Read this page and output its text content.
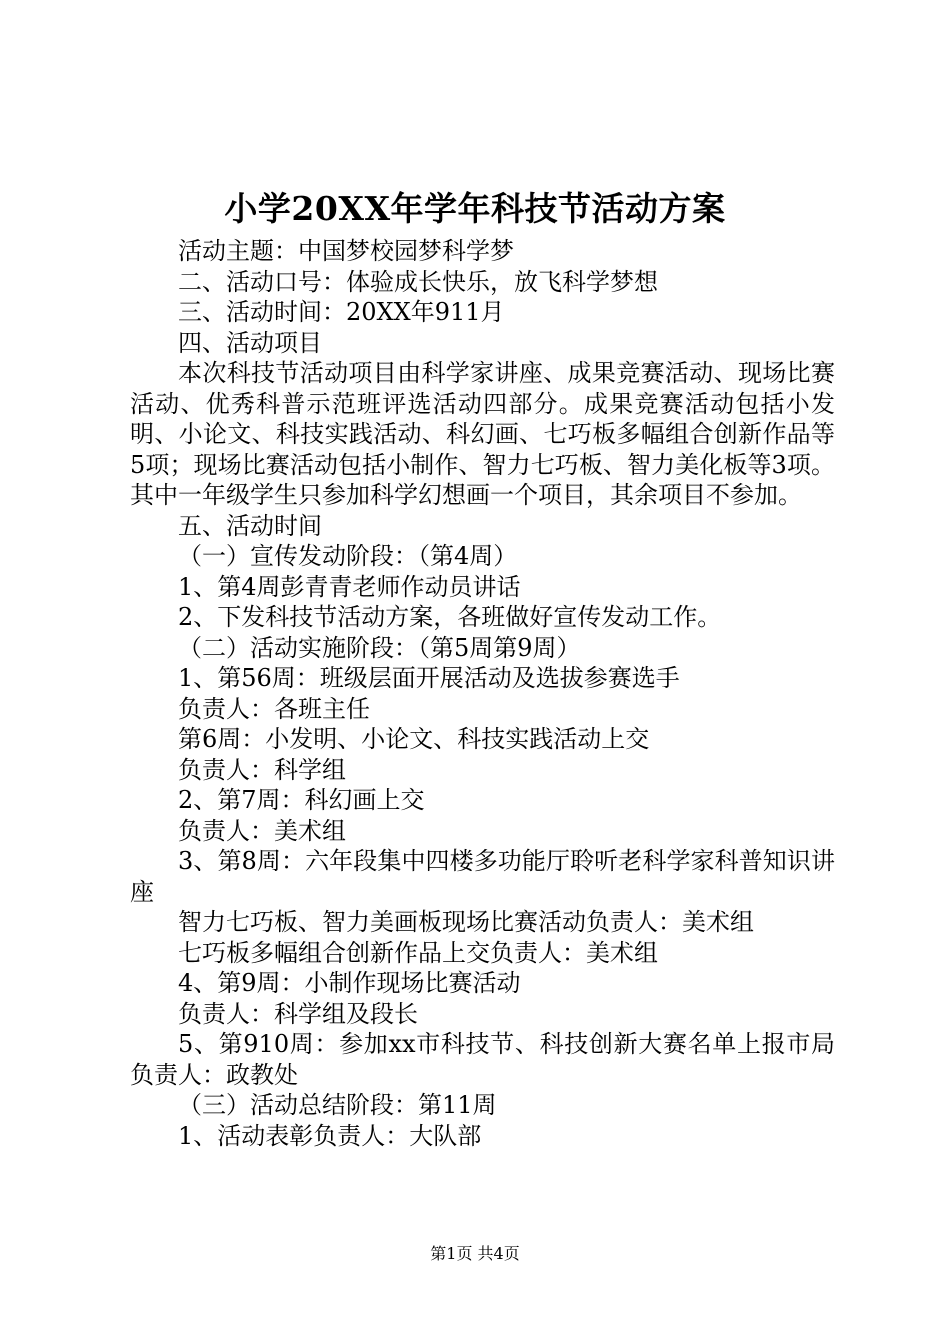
小学20XX年学年科技节活动方案
活动主题：中国梦校园梦科学梦
二、活动口号：体验成长快乐，放飞科学梦想
三、活动时间：20XX年911月
四、活动项目
本次科技节活动项目由科学家讲座、成果竞赛活动、现场比赛活动、优秀科普示范班评选活动四部分。成果竞赛活动包括小发明、小论文、科技实践活动、科幻画、七巧板多幅组合创新作品等5项；现场比赛活动包括小制作、智力七巧板、智力美化板等3项。其中一年级学生只参加科学幻想画一个项目，其余项目不参加。
五、活动时间
（一）宣传发动阶段：（第4周）
1、第4周彭青青老师作动员讲话
2、下发科技节活动方案，各班做好宣传发动工作。
（二）活动实施阶段：（第5周第9周）
1、第56周：班级层面开展活动及选拔参赛选手
负责人：各班主任
第6周：小发明、小论文、科技实践活动上交
负责人：科学组
2、第7周：科幻画上交
负责人：美术组
3、第8周：六年段集中四楼多功能厅聆听老科学家科普知识讲座
智力七巧板、智力美画板现场比赛活动负责人：美术组
七巧板多幅组合创新作品上交负责人：美术组
4、第9周：小制作现场比赛活动
负责人：科学组及段长
5、第910周：参加xx市科技节、科技创新大赛名单上报市局负责人：政教处
（三）活动总结阶段：第11周
1、活动表彰负责人：大队部
第1页 共4页
